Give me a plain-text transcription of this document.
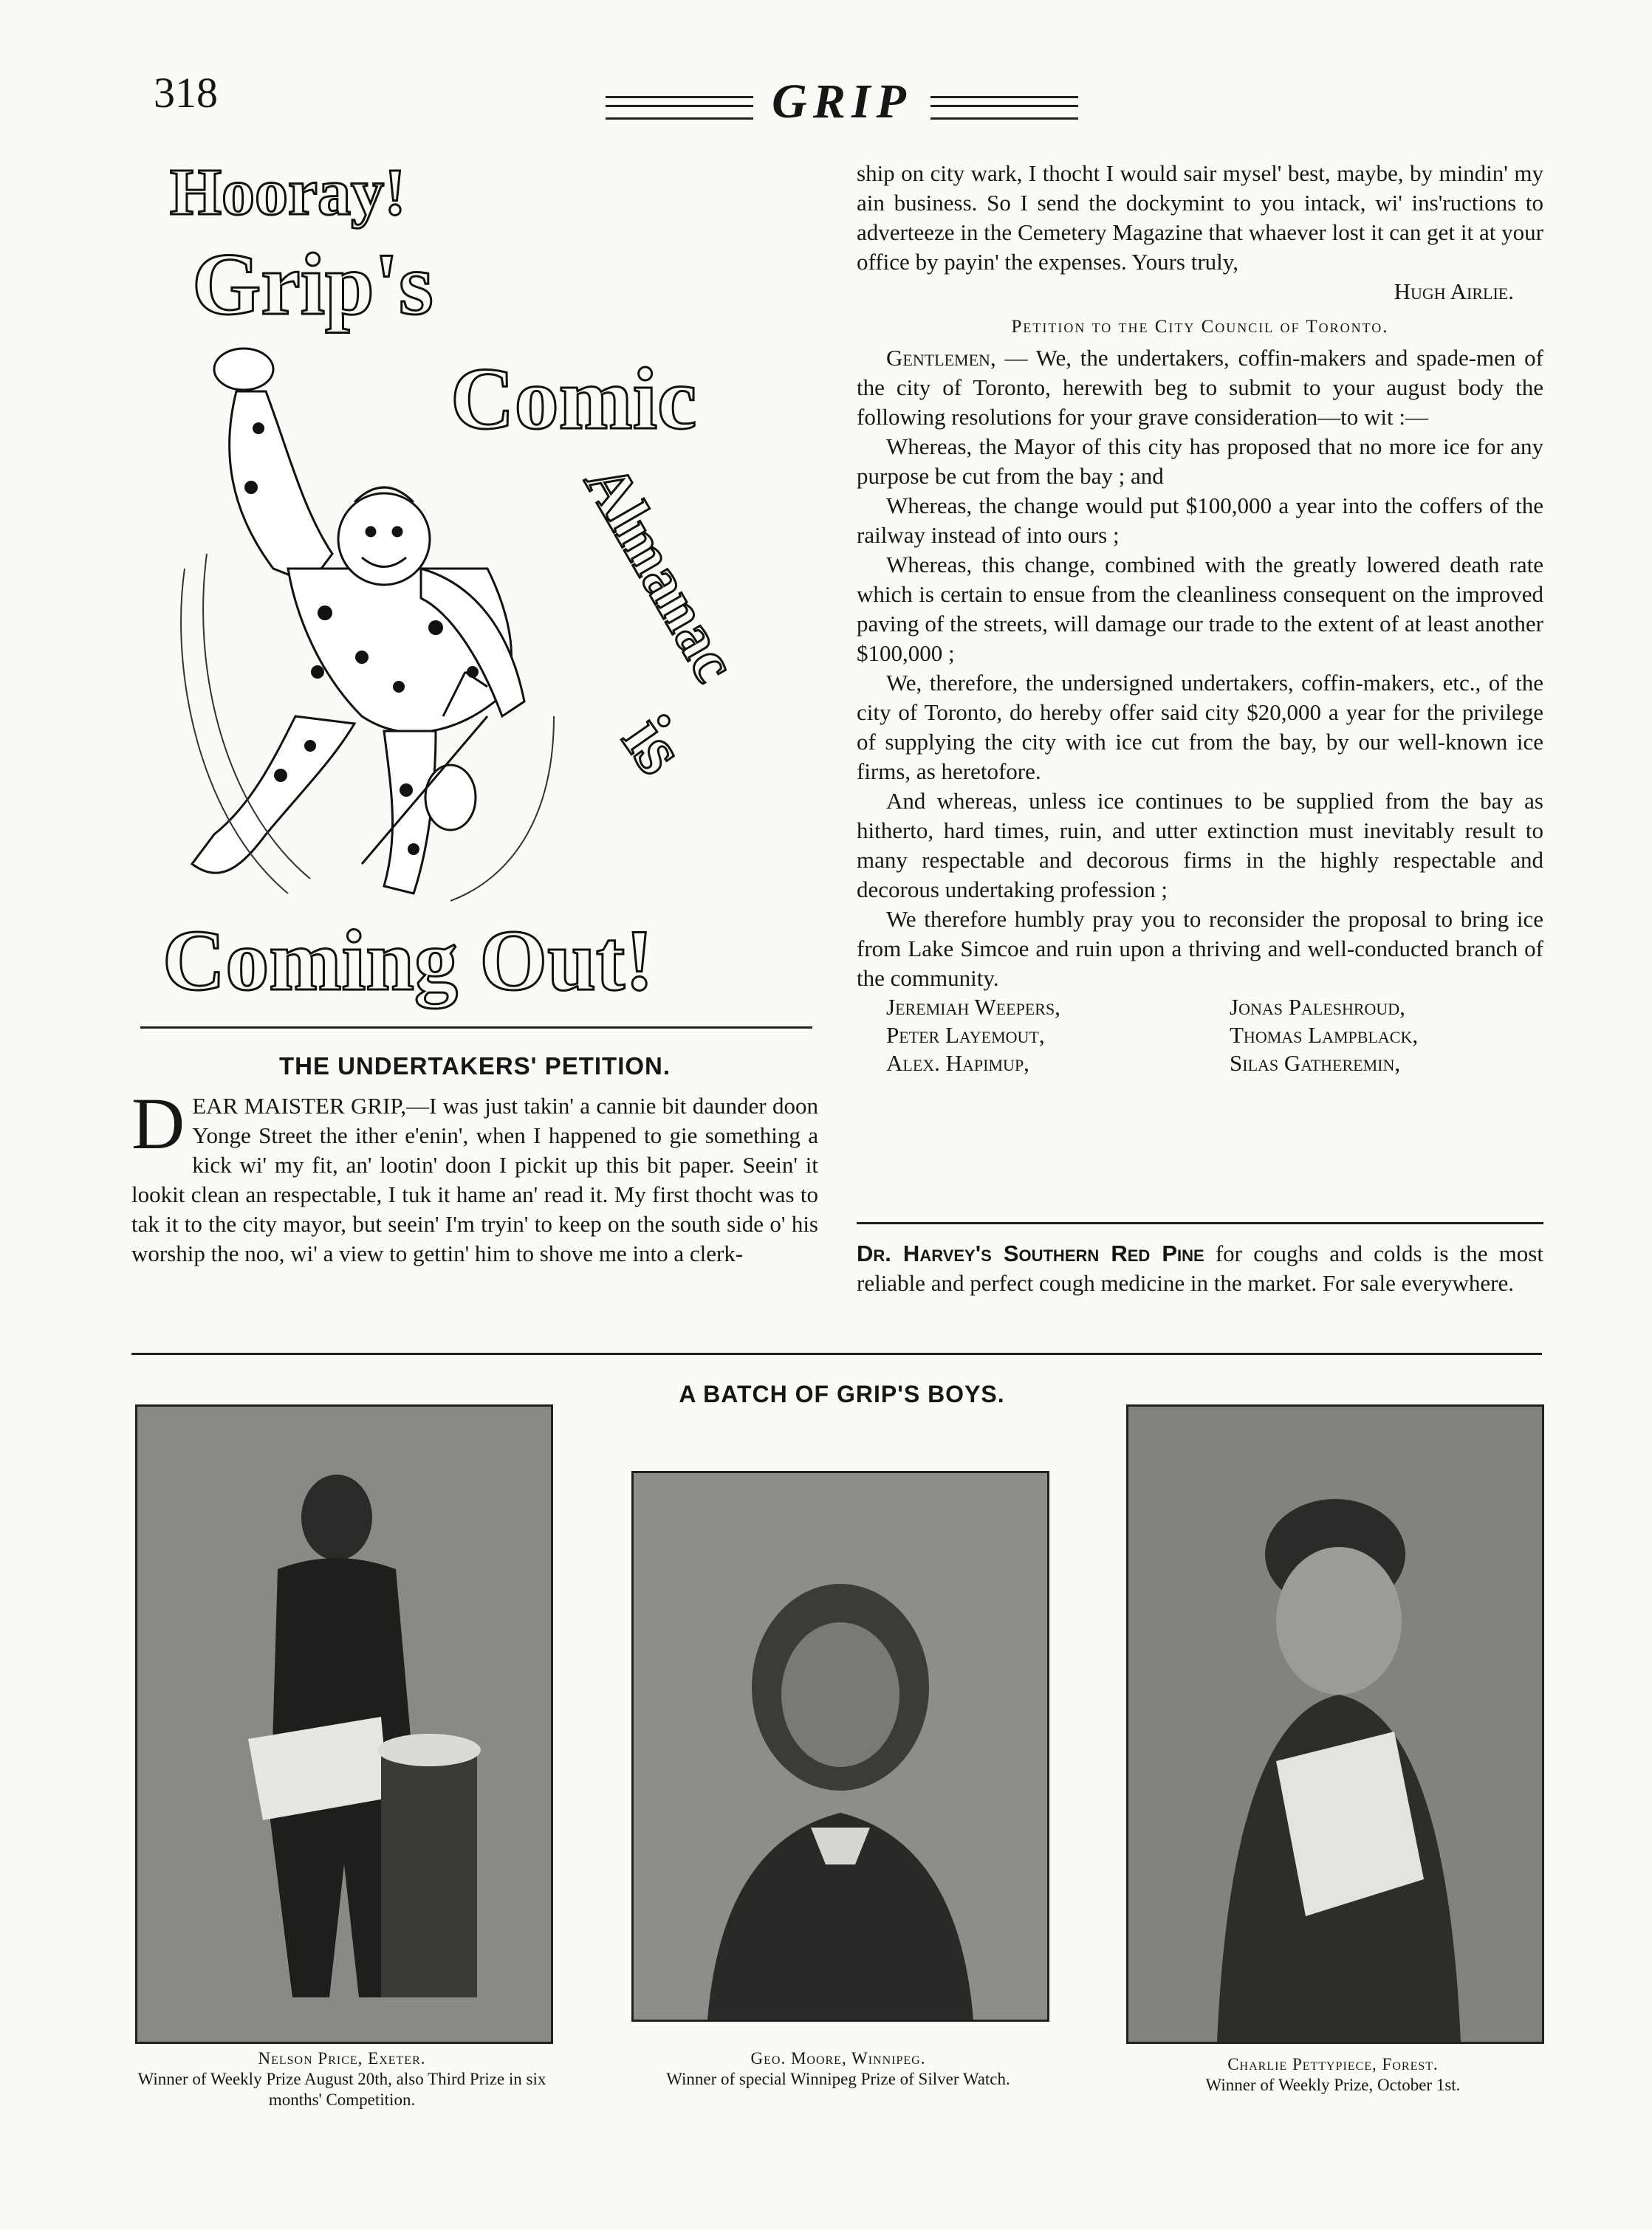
318	GRIP
Hooray!
Grip's
Comic
Almanac
is
Coming Out!
THE UNDERTAKERS' PETITION.
DEAR MAISTER GRIP,—I was just takin' a cannie bit daunder doon Yonge Street the ither e'enin', when I happened to gie something a kick wi' my fit, an' lootin' doon I pickit up this bit paper. Seein' it lookit clean an respectable, I tuk it hame an' read it. My first thocht was to tak it to the city mayor, but seein' I'm tryin' to keep on the south side o' his worship the noo, wi' a view to gettin' him to shove me into a clerk-

ship on city wark, I thocht I would sair mysel' best, maybe, by mindin' my ain business. So I send the dockymint to you intack, wi' ins'ructions to adverteeze in the Cemetery Magazine that whaever lost it can get it at your office by payin' the expenses. Yours truly,

Hugh Airlie.

Petition to the City Council of Toronto.

Gentlemen, — We, the undertakers, coffin-makers and spade-men of the city of Toronto, herewith beg to submit to your august body the following resolutions for your grave consideration—to wit :—

Whereas, the Mayor of this city has proposed that no more ice for any purpose be cut from the bay ; and

Whereas, the change would put $100,000 a year into the coffers of the railway instead of into ours ;

Whereas, this change, combined with the greatly lowered death rate which is certain to ensue from the cleanliness consequent on the improved paving of the streets, will damage our trade to the extent of at least another $100,000 ;

We, therefore, the undersigned undertakers, coffin-makers, etc., of the city of Toronto, do hereby offer said city $20,000 a year for the privilege of supplying the city with ice cut from the bay, by our well-known ice firms, as heretofore.

And whereas, unless ice continues to be supplied from the bay as hitherto, hard times, ruin, and utter extinction must inevitably result to many respectable and decorous firms in the highly respectable and decorous undertaking profession ;

We therefore humbly pray you to reconsider the proposal to bring ice from Lake Simcoe and ruin upon a thriving and well-conducted branch of the community.

Jeremiah Weepers,	Jonas Paleshroud,
Peter Layemout,	Thomas Lampblack,
Alex. Hapimup,	Silas Gatheremin,
Dr. Harvey's Southern Red Pine for coughs and colds is the most reliable and perfect cough medicine in the market. For sale everywhere.
A BATCH OF GRIP'S BOYS.
Nelson Price, Exeter.
Winner of Weekly Prize August 20th, also Third Prize in six months' Competition.
Geo. Moore, Winnipeg.
Winner of special Winnipeg Prize of Silver Watch.
Charlie Pettypiece, Forest.
Winner of Weekly Prize, October 1st.
